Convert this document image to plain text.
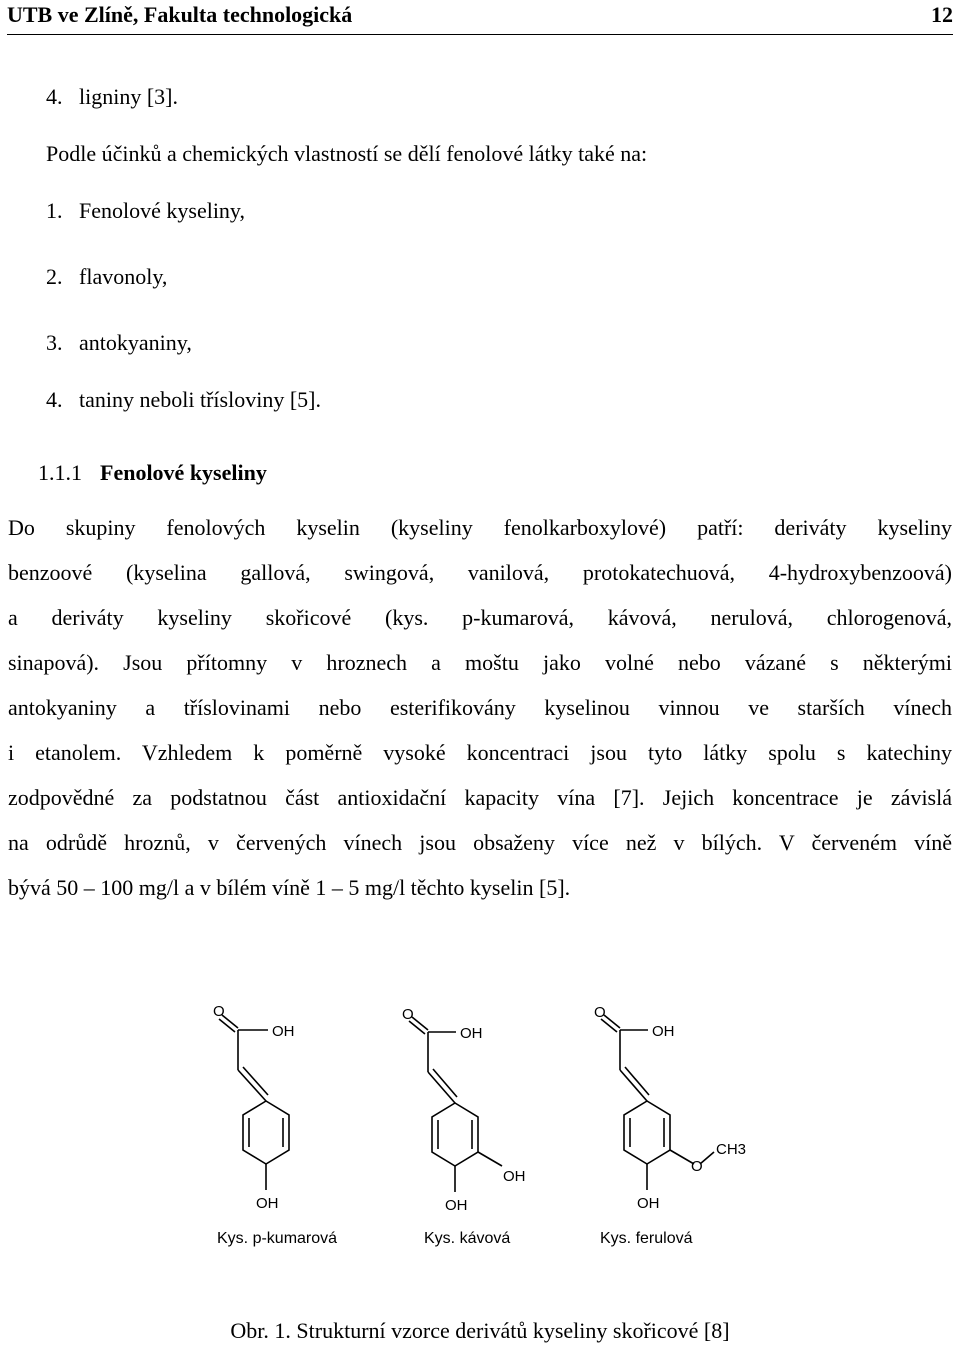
UTB ve Zlíně, Fakulta technologická	12
4.   ligniny [3].
Podle účinků a chemických vlastností se dělí fenolové látky také na:
1.   Fenolové kyseliny,
2.   flavonoly,
3.   antokyaniny,
4.   taniny neboli třísloviny [5].
1.1.1 Fenolové kyseliny
Do skupiny fenolových kyselin (kyseliny fenolkarboxylové) patří: deriváty kyseliny
benzoové (kyselina gallová, swingová, vanilová, protokatechuová, 4-hydroxybenzoová)
a deriváty kyseliny skořicové (kys. p-kumarová, kávová, nerulová, chlorogenová,
sinapová). Jsou přítomny v hroznech a moštu jako volné nebo vázané s některými
antokyaniny a tříslovinami nebo esterifikovány kyselinou vinnou ve starších vínech
i etanolem. Vzhledem k poměrně vysoké koncentraci jsou tyto látky spolu s katechiny
zodpovědné za podstatnou část antioxidační kapacity vína [7]. Jejich koncentrace je závislá
na odrůdě hroznů, v červených vínech jsou obsaženy více než v bílých. V červeném víně
bývá 50 – 100 mg/l a v bílém víně 1 – 5 mg/l těchto kyselin [5].
O
OH
OH
Kys. p-kumarová
O
OH
OH
OH
Kys. kávová
O
OH
O
CH3
OH
Kys. ferulová
Obr. 1. Strukturní vzorce derivátů kyseliny skořicové [8]
